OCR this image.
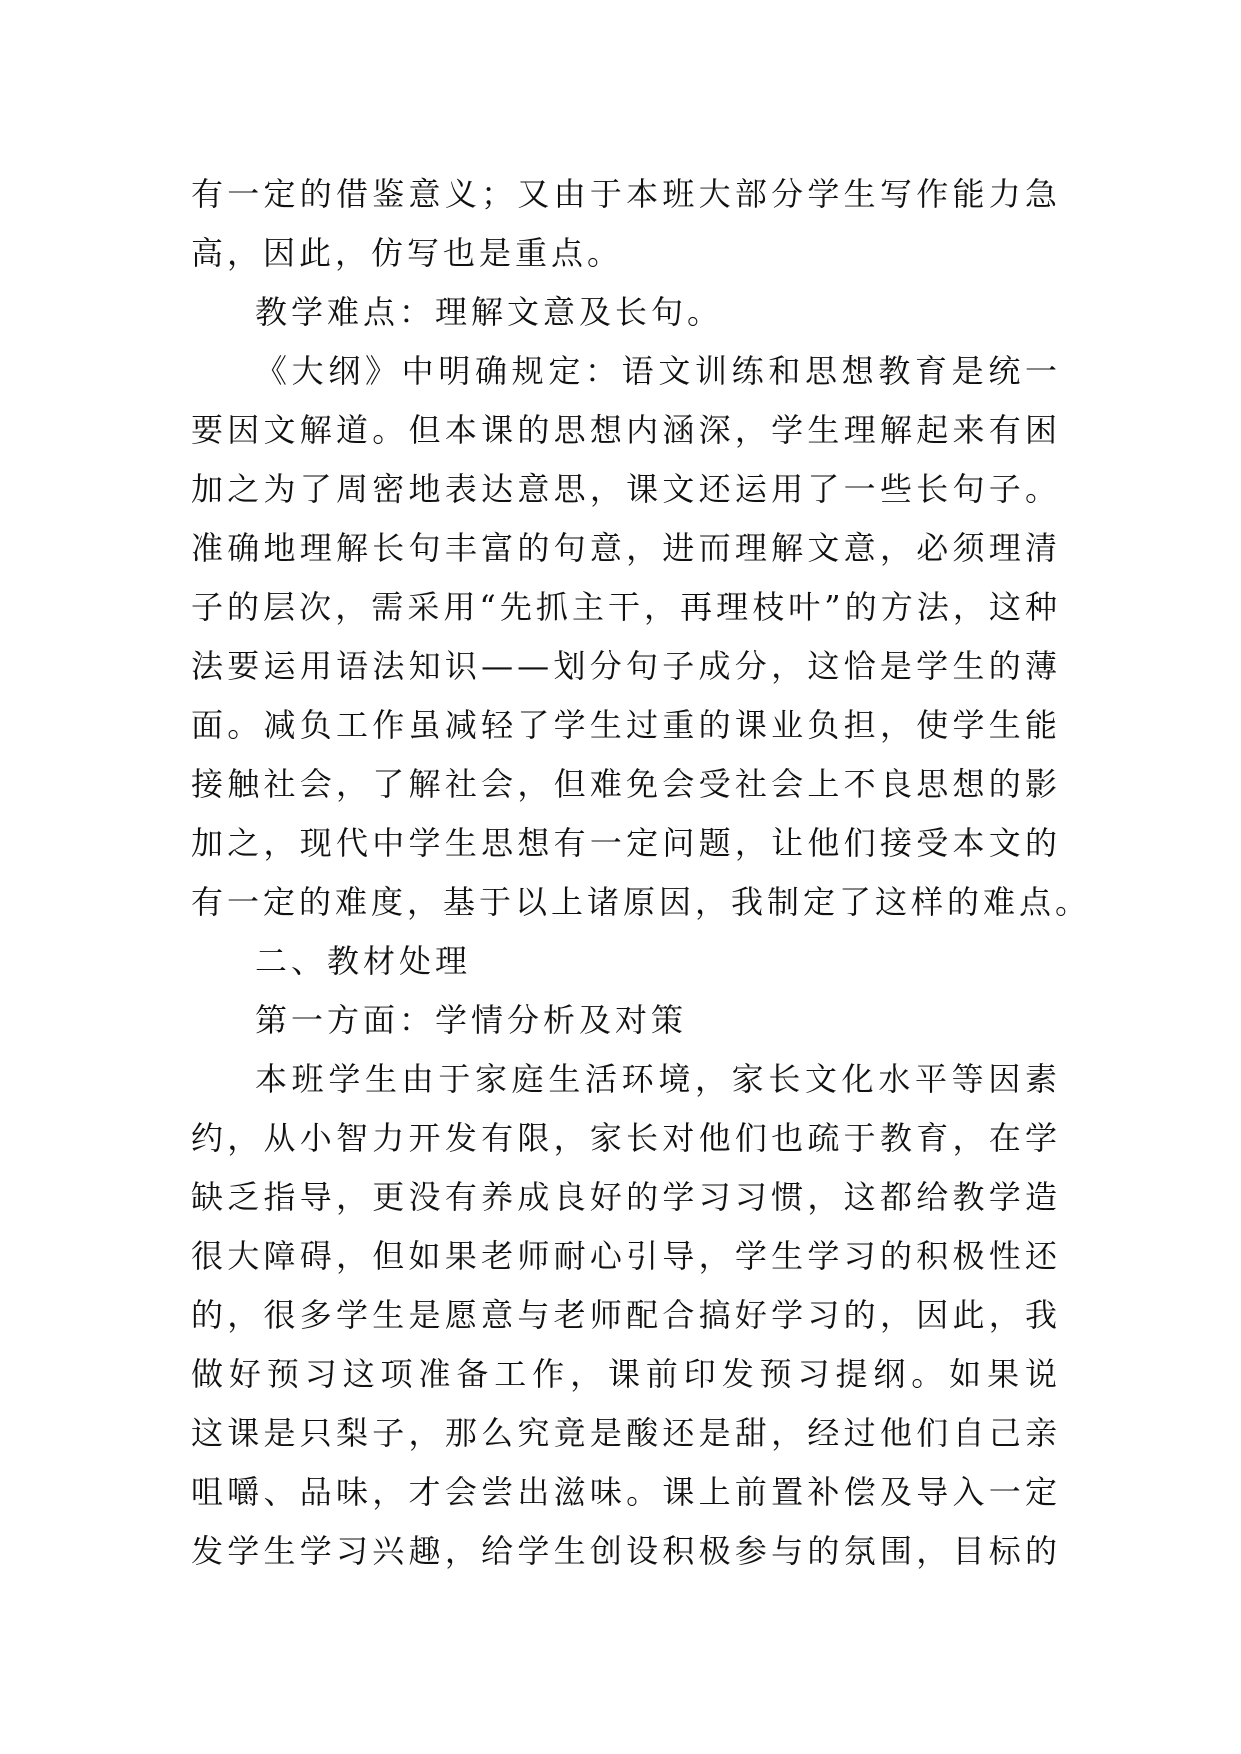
有一定的借鉴意义；又由于本班大部分学生写作能力急
高，因此，仿写也是重点。
教学难点：理解文意及长句。
《大纲》中明确规定：语文训练和思想教育是统一
要因文解道。但本课的思想内涵深，学生理解起来有困
加之为了周密地表达意思，课文还运用了一些长句子。
准确地理解长句丰富的句意，进而理解文意，必须理清
子的层次，需采用“先抓主干，再理枝叶”的方法，这种
法要运用语法知识——划分句子成分，这恰是学生的薄
面。减负工作虽减轻了学生过重的课业负担，使学生能
接触社会，了解社会，但难免会受社会上不良思想的影
加之，现代中学生思想有一定问题，让他们接受本文的
有一定的难度，基于以上诸原因，我制定了这样的难点。
二、教材处理
第一方面：学情分析及对策
本班学生由于家庭生活环境，家长文化水平等因素
约，从小智力开发有限，家长对他们也疏于教育，在学
缺乏指导，更没有养成良好的学习习惯，这都给教学造
很大障碍，但如果老师耐心引导，学生学习的积极性还
的，很多学生是愿意与老师配合搞好学习的，因此，我
做好预习这项准备工作，课前印发预习提纲。如果说
这课是只梨子，那么究竟是酸还是甜，经过他们自己亲
咀嚼、品味，才会尝出滋味。课上前置补偿及导入一定
发学生学习兴趣，给学生创设积极参与的氛围，目标的
